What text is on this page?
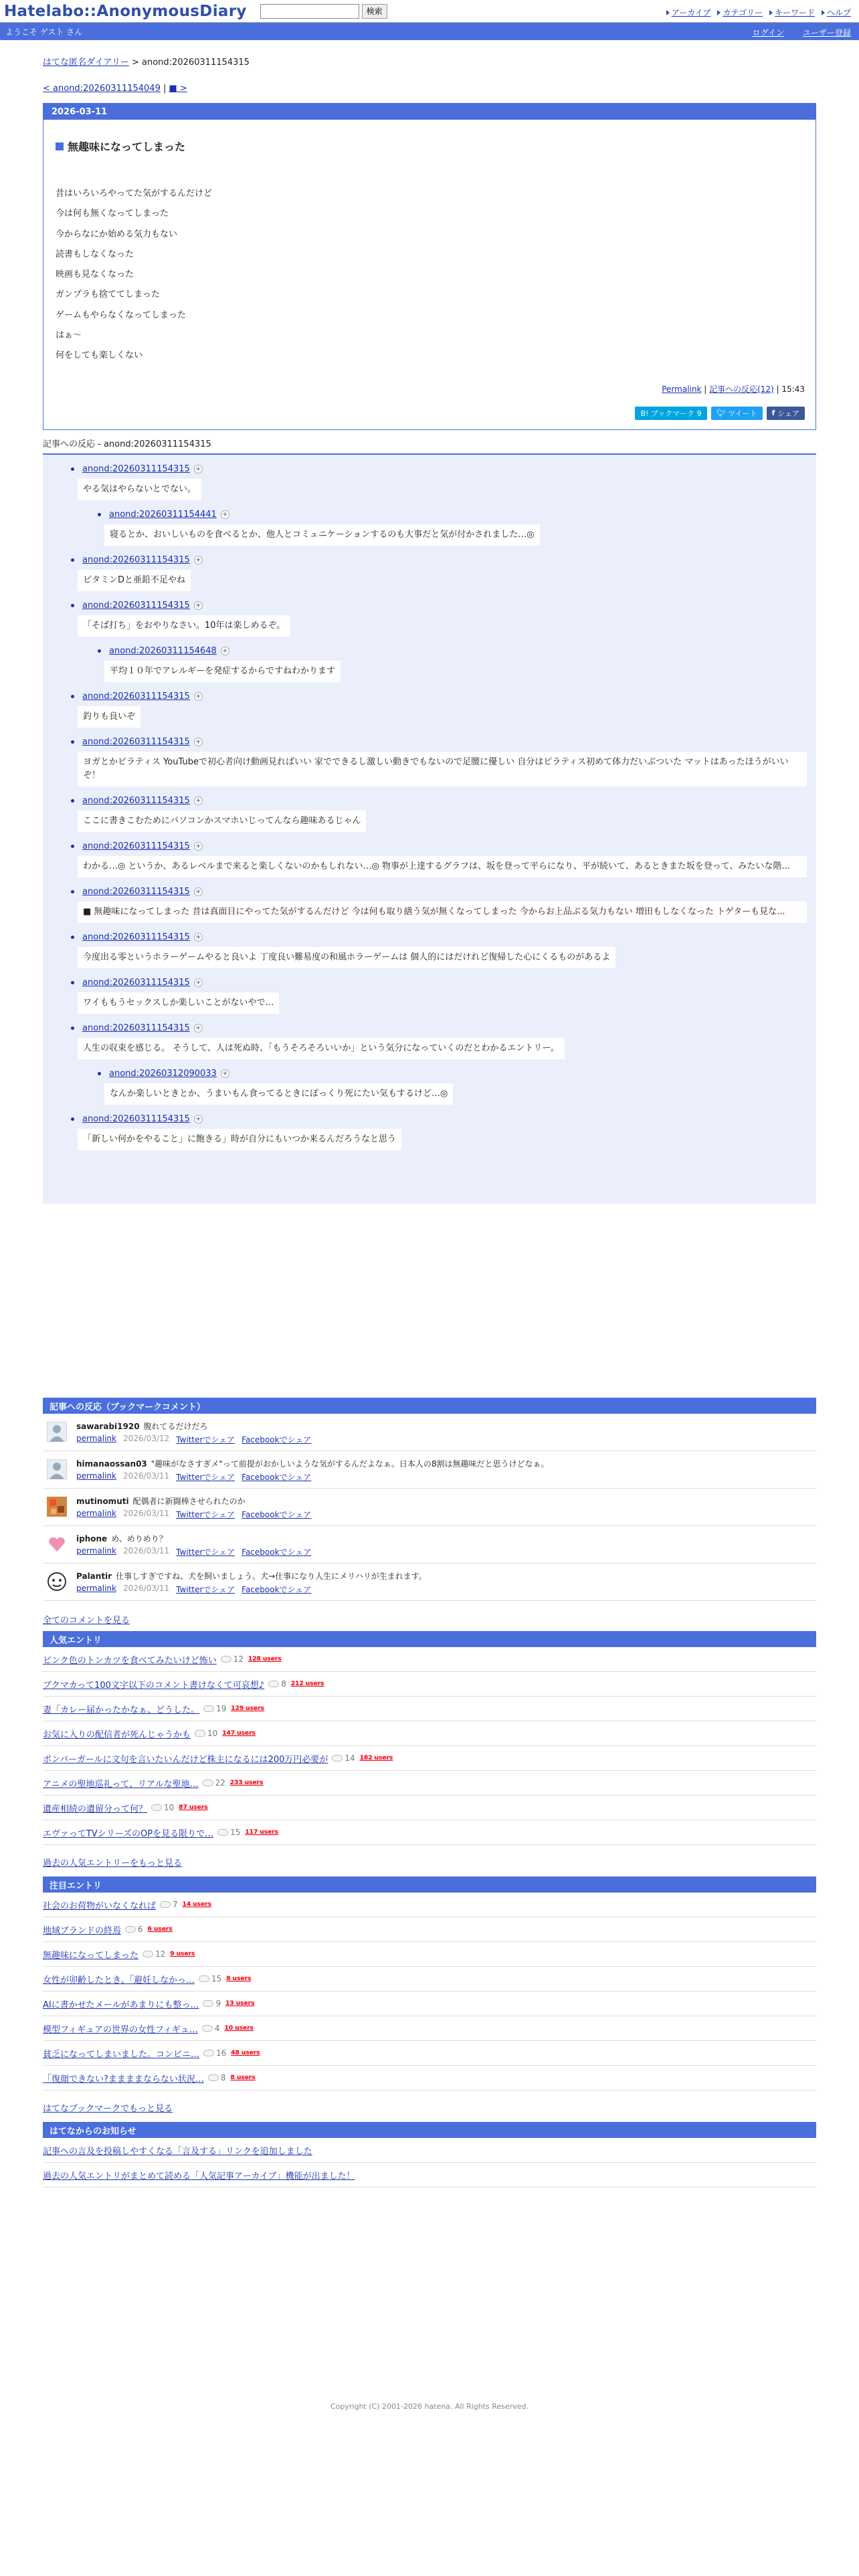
Hatelabo::AnonymousDiary	検索	アーカイブ カテゴリー キーワード ヘルプ
ようこそ ゲスト さん	ログイン ユーザー登録
はてな匿名ダイアリー > anond:20260311154315
< anond:20260311154049 | ■ >
2026-03-11
無趣味になってしまった

昔はいろいろやってた気がするんだけど

今は何も無くなってしまった

今からなにか始める気力もない

読書もしなくなった

映画も見なくなった

ガンプラも捨ててしまった

ゲームもやらなくなってしまった

はぁ〜

何をしても楽しくない

Permalink | 記事への反応(12) | 15:43
B! ブックマーク 9	🐦︎ ツイート f シェア
記事への反応 - anond:20260311154315
anond:20260311154315 +
やる気はやらないとでない。
anond:20260311154441 +
寝るとか、おいしいものを食べるとか、他人とコミュニケーションするのも大事だと気が付かされました…◎
anond:20260311154315 +
ビタミンDと亜鉛不足やね
anond:20260311154315 +
「そば打ち」をおやりなさい。10年は楽しめるぞ。
anond:20260311154648 +
平均１０年でアレルギーを発症するからですねわかります
anond:20260311154315 +
釣りも良いぞ
anond:20260311154315 +
ヨガとかピラティス YouTubeで初心者向け動画見ればいい 家でできるし激しい動きでもないので足腰に優しい 自分はピラティス初めて体力だいぶついた マットはあったほうがいいぞ！
anond:20260311154315 +
ここに書きこむためにパソコンかスマホいじってんなら趣味あるじゃん
anond:20260311154315 +
わかる…◎ というか、あるレベルまで来ると楽しくないのかもしれない…◎ 物事が上達するグラフは、坂を登って平らになり、平が続いて、あるときまた坂を登って、みたいな階...
anond:20260311154315 +
■ 無趣味になってしまった 昔は真面目にやってた気がするんだけど 今は何も取り繕う気が無くなってしまった 今からお上品ぶる気力もない 増田もしなくなった トゲターも見な...
anond:20260311154315 +
今度出る零というホラーゲームやると良いよ 丁度良い難易度の和風ホラーゲームは 個人的にはだけれど復帰した心にくるものがあるよ
anond:20260311154315 +
ワイももうセックスしか楽しいことがないやで…
anond:20260311154315 +
人生の収束を感じる。 そうして、人は死ぬ時、「もうそろそろいいか」という気分になっていくのだとわかるエントリー。
anond:20260312090033 +
なんか楽しいときとか、うまいもん食ってるときにぽっくり死にたい気もするけど…◎
anond:20260311154315 +
「新しい何かをやること」に飽きる」時が自分にもいつか来るんだろうなと思う
記事への反応（ブックマークコメント）
sawarabi1920 腹れてるだけだろ
permalink 2026/03/12 Twitterでシェア Facebookでシェア
himanaossan03 "趣味がなさすぎメ"って前提がおかしいような気がするんだよなぁ。日本人の8割は無趣味だと思うけどなぁ。
permalink 2026/03/11 Twitterでシェア Facebookでシェア
mutinomuti 配偶者に新闘棒させられたのか
permalink 2026/03/11 Twitterでシェア Facebookでシェア
iphone め、めりめり？
permalink 2026/03/11 Twitterでシェア Facebookでシェア
Palantir 仕事しすぎですね、犬を飼いましょう。犬→仕事になり人生にメリハリが生まれます。
permalink 2026/03/11 Twitterでシェア Facebookでシェア
全てのコメントを見る
人気エントリ
ピンク色のトンカツを食べてみたいけど怖い 12 128 users
ブクマカって100文字以下のコメント書けなくて可哀想♪ 8 212 users
妻「カレー届かったかなぁ、どうした。 19 129 users
お気に入りの配信者が死んじゃうかも 10 147 users
ボンバーガールに文句を言いたいんだけど株主になるには200万円必要が 14 182 users
アニメの聖地巡礼って、リアルな聖地… 22 233 users
遺産相続の遺留分って何？ 10 87 users
エヴァってTVシリーズのOPを見る限りで… 15 117 users
過去の人気エントリーをもっと見る
注目エントリ
社会のお荷物がいなくなれば 7 14 users
地域ブランドの終焉 6 6 users
無趣味になってしまった 12 9 users
女性が卯齢したとき、「避妊しなかっ… 15 8 users
AIに書かせたメールがあまりにも整っ… 9 13 users
模型フィギュアの世界の女性フィギュ… 4 10 users
貧乏になってしまいました。コンビニ… 16 48 users
「復顔できない?ままままならない状況… 8 8 users
はてなブックマークでもっと見る
はてなからのお知らせ
記事への言及を投稿しやすくなる「言及する」リンクを追加しました
過去の人気エントリがまとめて読める「人気記事アーカイブ」機能が出ました！
Copyright (C) 2001-2026 hatena. All Rights Reserved.
